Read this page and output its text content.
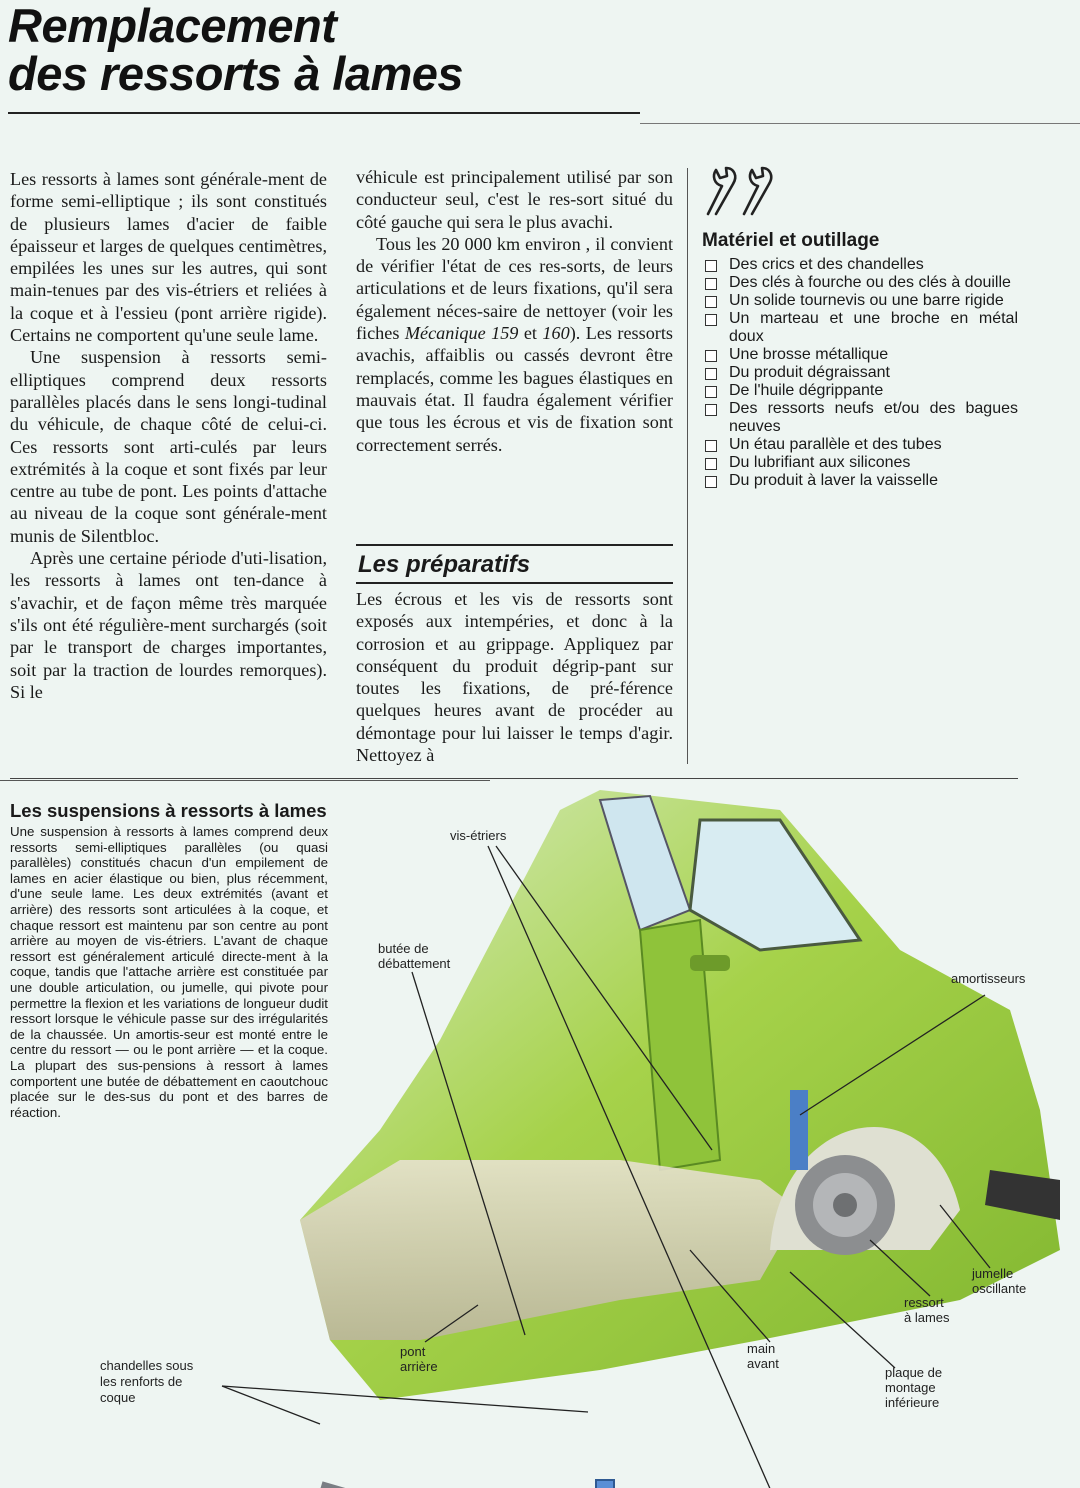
Remplacement
des ressorts à lames

Les ressorts à lames sont générale-ment de forme semi-elliptique ; ils sont constitués de plusieurs lames d'acier de faible épaisseur et larges de quelques centimètres, empilées les unes sur les autres, qui sont main-tenues par des vis-étriers et reliées à la coque et à l'essieu (pont arrière rigide). Certains ne comportent qu'une seule lame.

Une suspension à ressorts semi-elliptiques comprend deux ressorts parallèles placés dans le sens longi-tudinal du véhicule, de chaque côté de celui-ci. Ces ressorts sont arti-culés par leurs extrémités à la coque et sont fixés par leur centre au tube de pont. Les points d'attache au niveau de la coque sont générale-ment munis de Silentbloc.

Après une certaine période d'uti-lisation, les ressorts à lames ont ten-dance à s'avachir, et de façon même très marquée s'ils ont été régulière-ment surchargés (soit par le transport de charges importantes, soit par la traction de lourdes remorques). Si le

véhicule est principalement utilisé par son conducteur seul, c'est le res-sort situé du côté gauche qui sera le plus avachi.

Tous les 20 000 km environ , il convient de vérifier l'état de ces res-sorts, de leurs articulations et de leurs fixations, qu'il sera également néces-saire de nettoyer (voir les fiches Mécanique 159 et 160). Les ressorts avachis, affaiblis ou cassés devront être remplacés, comme les bagues élastiques en mauvais état. Il faudra également vérifier que tous les écrous et vis de fixation sont correctement serrés.

Les préparatifs

Les écrous et les vis de ressorts sont exposés aux intempéries, et donc à la corrosion et au grippage. Appliquez par conséquent du produit dégrip-pant sur toutes les fixations, de pré-férence quelques heures avant de procéder au démontage pour lui laisser le temps d'agir. Nettoyez à

Matériel et outillage
Des crics et des chandelles
Des clés à fourche ou des clés à douille
Un solide tournevis ou une barre rigide
Un marteau et une broche en métal doux
Une brosse métallique
Du produit dégraissant
De l'huile dégrippante
Des ressorts neufs et/ou des bagues neuves
Un étau parallèle et des tubes
Du lubrifiant aux silicones
Du produit à laver la vaisselle
Les suspensions à ressorts à lames

Une suspension à ressorts à lames comprend deux ressorts semi-elliptiques parallèles (ou quasi parallèles) constitués chacun d'un empilement de lames en acier élastique ou bien, plus récemment, d'une seule lame. Les deux extrémités (avant et arrière) des ressorts sont articulées à la coque, et chaque ressort est maintenu par son centre au pont arrière au moyen de vis-étriers. L'avant de chaque ressort est généralement articulé directe-ment à la coque, tandis que l'attache arrière est constituée par une double articulation, ou jumelle, qui pivote pour permettre la flexion et les variations de longueur dudit ressort lorsque le véhicule passe sur des irrégularités de la chaussée. Un amortis-seur est monté entre le centre du ressort — ou le pont arrière — et la coque. La plupart des sus-pensions à ressort à lames comportent une butée de débattement en caoutchouc placée sur le des-sus du pont et des barres de réaction.

vis-étriers
butée de
débattement
amortisseurs
jumelle
oscillante
ressort
à lames
main
avant
plaque de
montage
inférieure
pont
arrière
chandelles sous
les renforts de
coque
